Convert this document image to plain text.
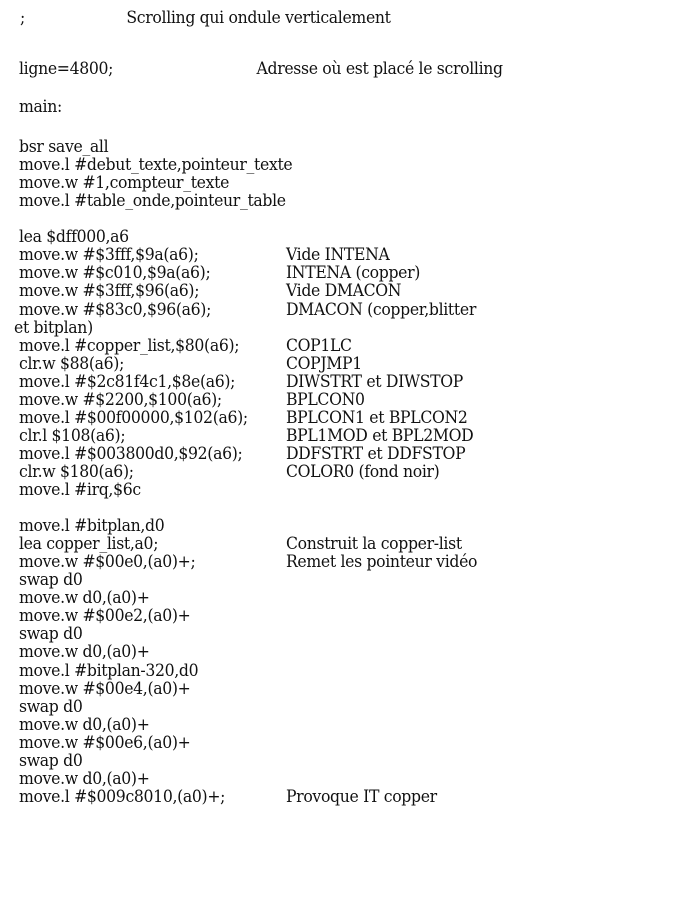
;	Scrolling qui ondule verticalement
ligne=4800;	Adresse où est placé le scrolling
main:
bsr save_all
move.l #debut_texte,pointeur_texte
move.w #1,compteur_texte
move.l #table_onde,pointeur_table
lea $dff000,a6
move.w #$3fff,$9a(a6);	Vide INTENA
move.w #$c010,$9a(a6);	INTENA (copper)
move.w #$3fff,$96(a6);	Vide DMACON
move.w #$83c0,$96(a6);	DMACON (copper,blitter
et bitplan)
move.l #copper_list,$80(a6);	COP1LC
clr.w $88(a6);	COPJMP1
move.l #$2c81f4c1,$8e(a6);	DIWSTRT et DIWSTOP
move.w #$2200,$100(a6);	BPLCON0
move.l #$00f00000,$102(a6); BPLCON1 et BPLCON2
clr.l $108(a6);	BPL1MOD et BPL2MOD
move.l #$003800d0,$92(a6);	DDFSTRT et DDFSTOP
clr.w $180(a6);	COLOR0 (fond noir)
move.l #irq,$6c
move.l #bitplan,d0
lea copper_list,a0;	Construit la copper-list
move.w #$00e0,(a0)+;	Remet les pointeur vidéo
swap d0
move.w d0,(a0)+
move.w #$00e2,(a0)+
swap d0
move.w d0,(a0)+
move.l #bitplan-320,d0
move.w #$00e4,(a0)+
swap d0
move.w d0,(a0)+
move.w #$00e6,(a0)+
swap d0
move.w d0,(a0)+
move.l #$009c8010,(a0)+;	Provoque IT copper
